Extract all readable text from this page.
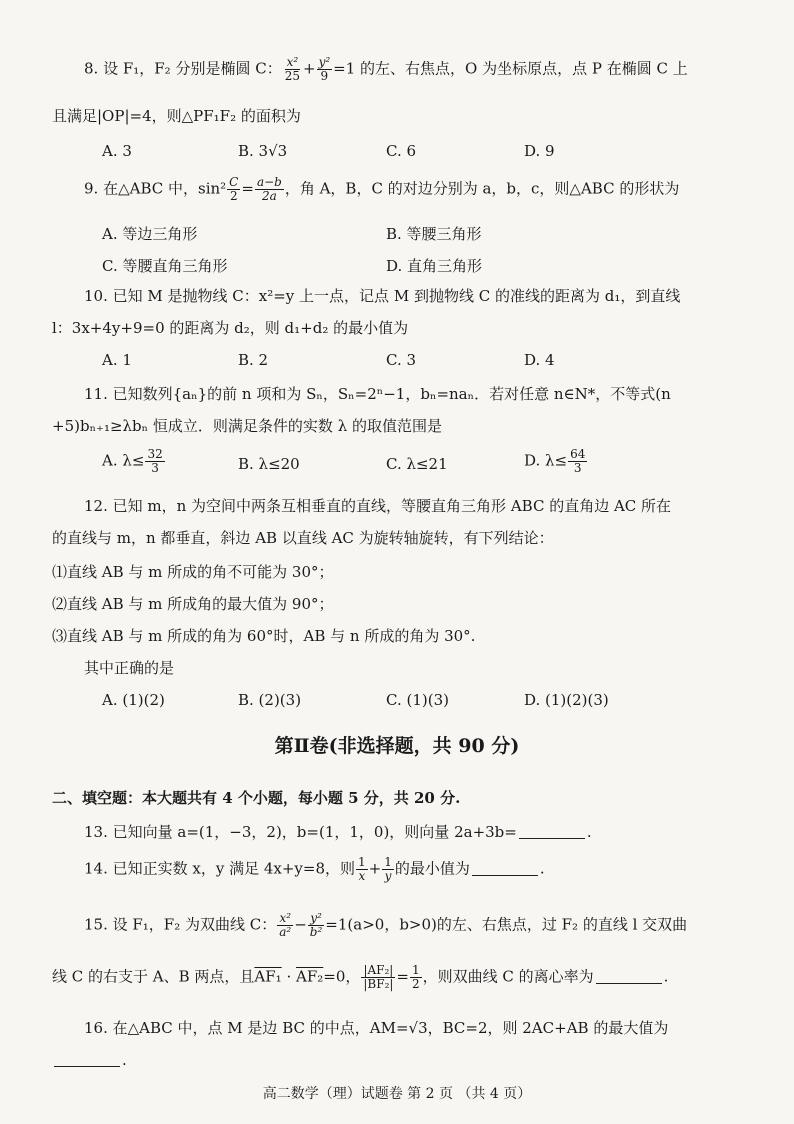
8. 设 F₁，F₂ 分别是椭圆 C： $\frac{\text{x²}}{25} + \frac{\text{y²}}{9} =1$ 的左、右焦点，O 为坐标原点，点 P 在椭圆 C 上
且满足|OP|=4，则△PF₁F₂ 的面积为
A. 3	B. 3√3	C. 6	D. 9
9. 在△ABC 中，$\sin^2 \frac{C}{2} = \frac{a-b}{2a}$ ，角 A，B，C 的对边分别为 a，b，c，则△ABC 的形状为
A. 等边三角形	B. 等腰三角形
C. 等腰直角三角形	D. 直角三角形
10. 已知 M 是抛物线 C：x²=y 上一点，记点 M 到抛物线 C 的准线的距离为 d₁，到直线
l：3x+4y+9=0 的距离为 d₂，则 d₁+d₂ 的最小值为
A. 1	B. 2	C. 3	D. 4
11. 已知数列{aₙ}的前 n 项和为 Sₙ，Sₙ=2ⁿ−1，bₙ=naₙ．若对任意 n∈N*，不等式(n
+5)bₙ₊₁≥λbₙ 恒成立．则满足条件的实数 λ 的取值范围是
A. $\lambda\le \frac{32}{3}$	B. λ≤20	C. λ≤21	D. $\lambda\le \frac{64}{3}$
12. 已知 m，n 为空间中两条互相垂直的直线，等腰直角三角形 ABC 的直角边 AC 所在
的直线与 m，n 都垂直，斜边 AB 以直线 AC 为旋转轴旋转，有下列结论：
⑴直线 AB 与 m 所成的角不可能为 30°；
⑵直线 AB 与 m 所成角的最大值为 90°；
⑶直线 AB 与 m 所成的角为 60°时，AB 与 n 所成的角为 30°.
其中正确的是
A. (1)(2)	B. (2)(3)	C. (1)(3)	D. (1)(2)(3)
第Ⅱ卷(非选择题，共 90 分)
二、填空题：本大题共有 4 个小题，每小题 5 分，共 20 分.
13. 已知向量 a=(1，−3，2)，b=(1，1，0)，则向量 2a+3b=	.
14. 已知正实数 x，y 满足 4x+y=8，则 $\frac{1}{x} + \frac{1}{y}$ 的最小值为	.
15. 设 F₁，F₂ 为双曲线 C： $\frac{\text{x²}}{\text{a²}} - \frac{\text{y²}}{\text{b²}} =1(a>0$，b>0)的左、右焦点，过 F₂ 的直线 l 交双曲
线 C 的右支于 A、B 两点，且AF₁ · AF₂=0， $\frac{\text{|AF₂|}}{\text{|BF₂|}} = \frac{1}{2}$ ，则双曲线 C 的离心率为	.
16. 在△ABC 中，点 M 是边 BC 的中点，AM=√3，BC=2，则 2AC+AB 的最大值为
.
高二数学（理）试题卷 第 2 页 （共 4 页）
